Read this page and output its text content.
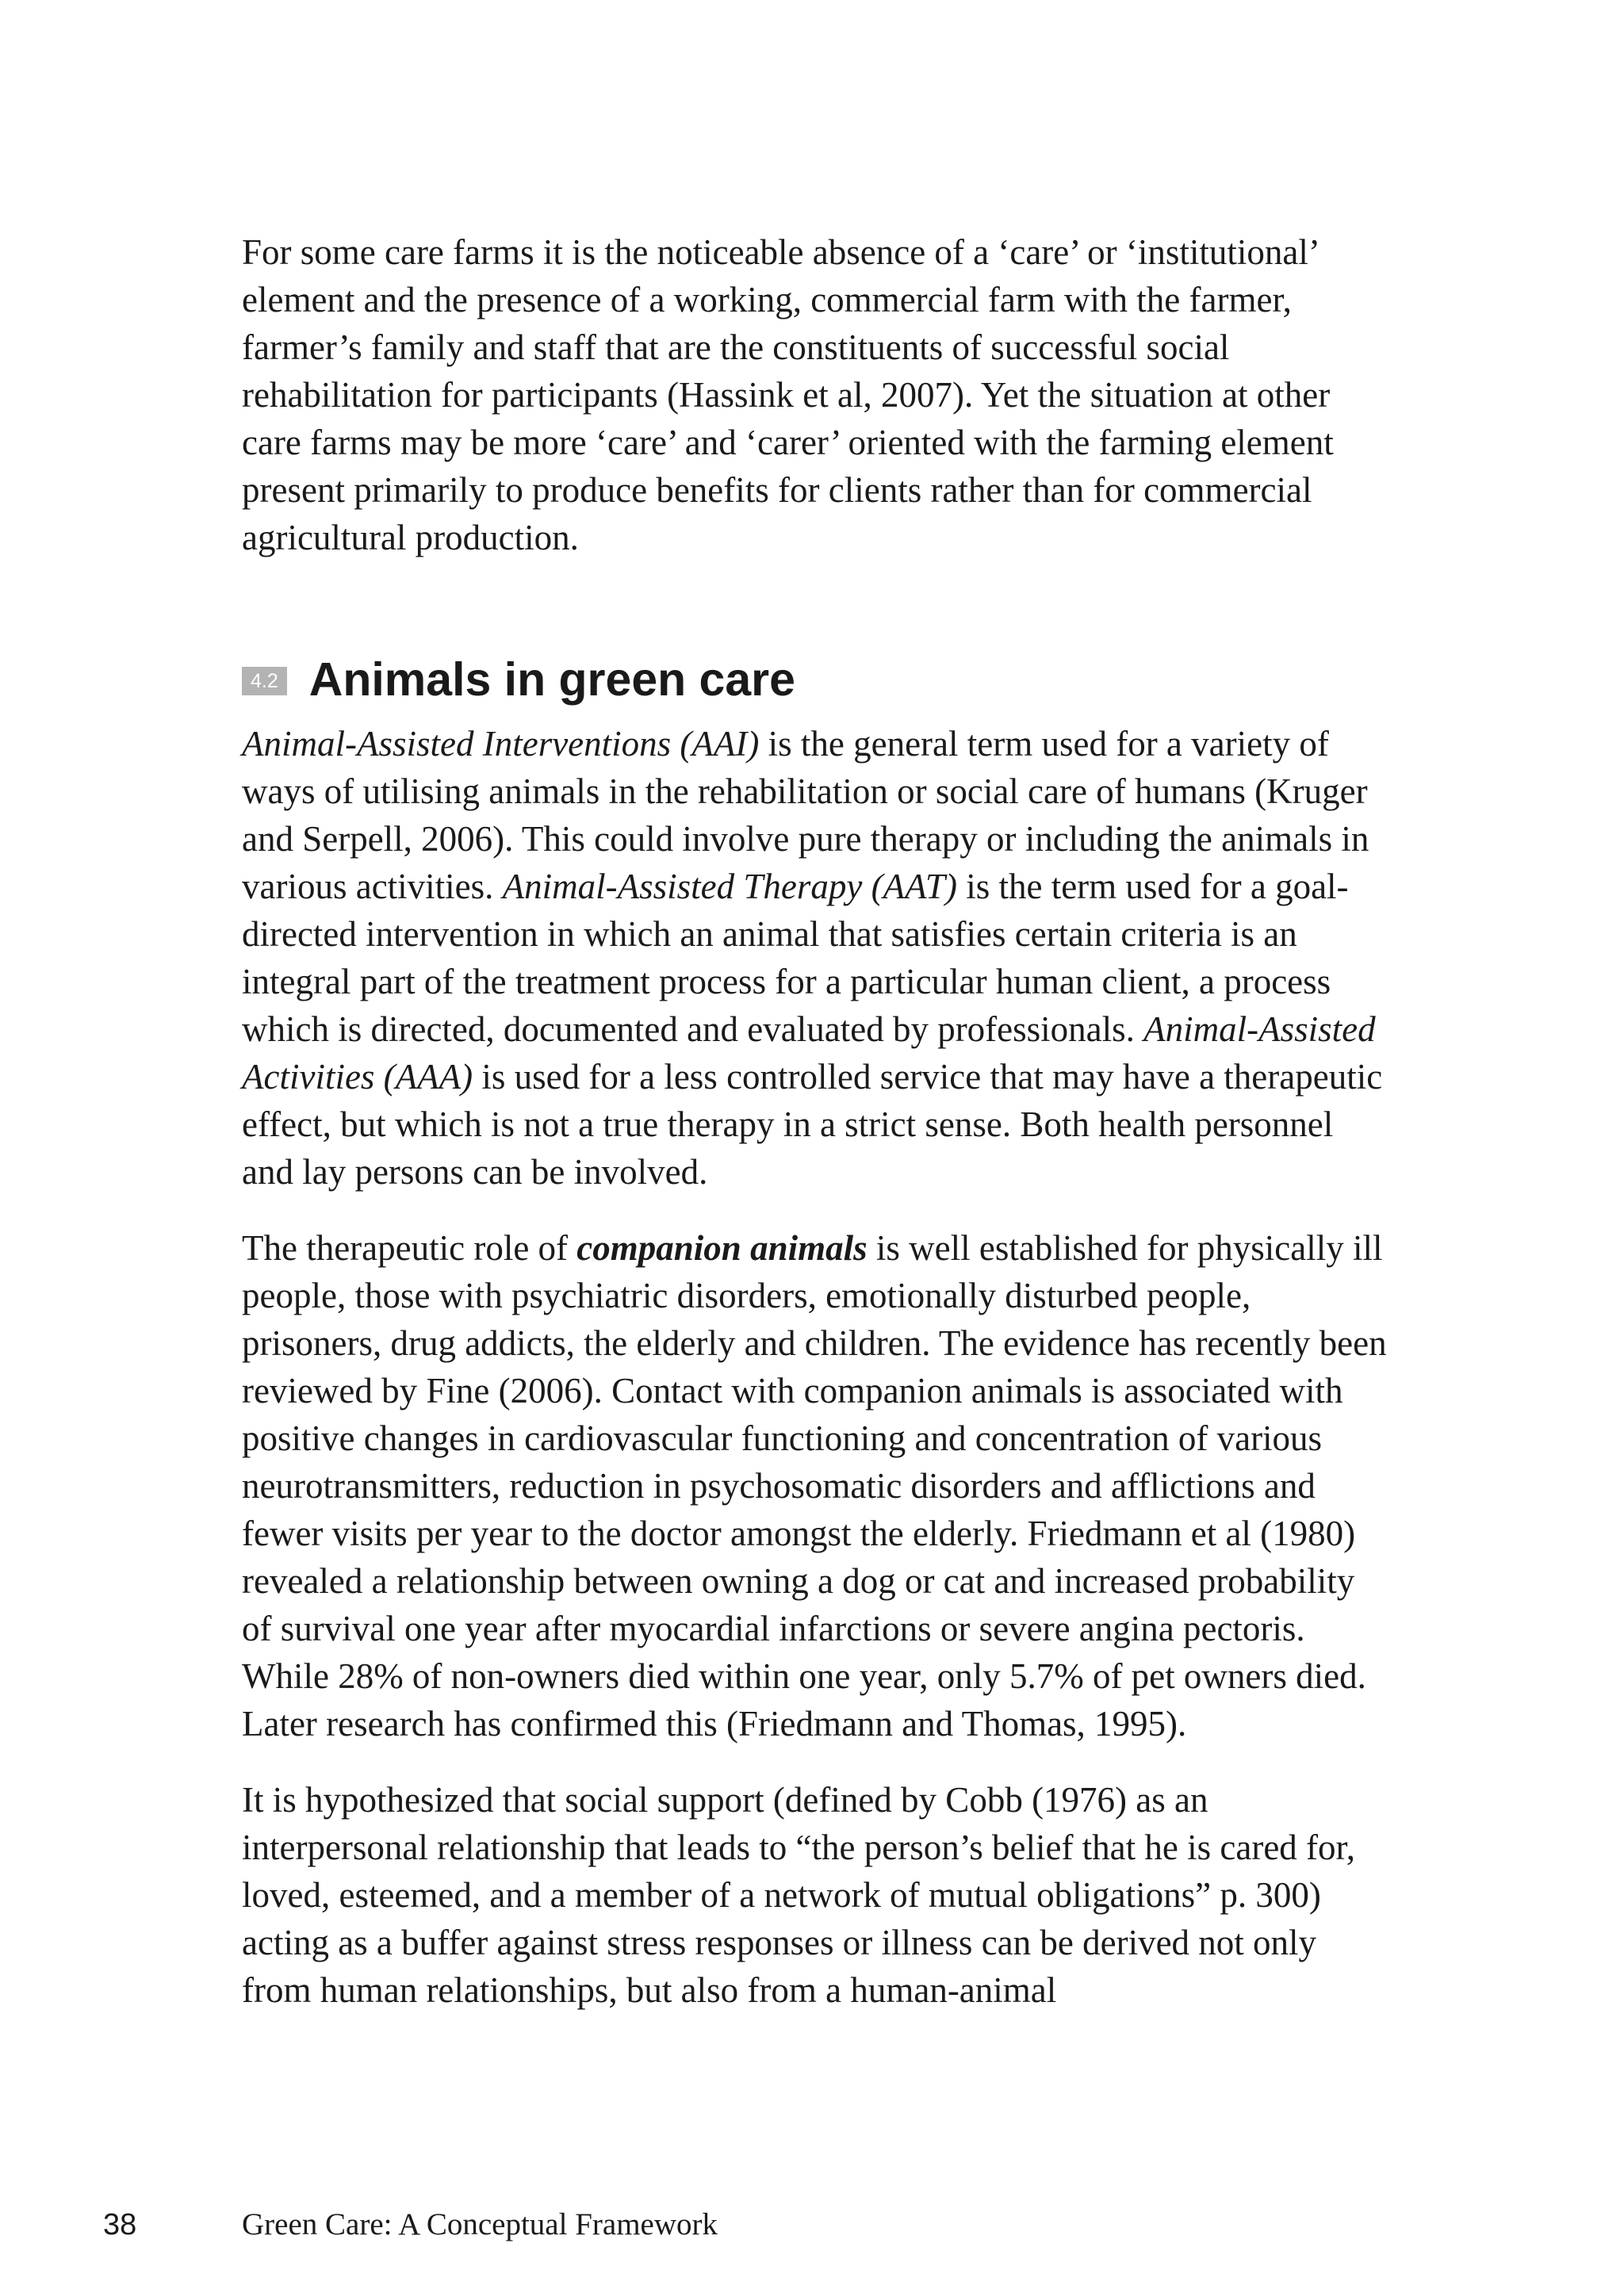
For some care farms it is the noticeable absence of a ‘care’ or ‘institutional’ element and the presence of a working, commercial farm with the farmer, farmer’s family and staff that are the constituents of successful social rehabilitation for participants (Hassink et al, 2007). Yet the situation at other care farms may be more ‘care’ and ‘carer’ oriented with the farming element present primarily to produce benefits for clients rather than for commercial agricultural production.

4.2 Animals in green care

Animal-Assisted Interventions (AAI) is the general term used for a variety of ways of utilising animals in the rehabilitation or social care of humans (Kruger and Serpell, 2006). This could involve pure therapy or including the animals in various activities. Animal-Assisted Therapy (AAT) is the term used for a goal-directed intervention in which an animal that satisfies certain criteria is an integral part of the treatment process for a particular human client, a process which is directed, documented and evaluated by professionals. Animal-Assisted Activities (AAA) is used for a less controlled service that may have a therapeutic effect, but which is not a true therapy in a strict sense. Both health personnel and lay persons can be involved.

The therapeutic role of companion animals is well established for physically ill people, those with psychiatric disorders, emotionally disturbed people, prisoners, drug addicts, the elderly and children. The evidence has recently been reviewed by Fine (2006). Contact with companion animals is associated with positive changes in cardiovascular functioning and concentration of various neurotransmitters, reduction in psychosomatic disorders and afflictions and fewer visits per year to the doctor amongst the elderly. Friedmann et al (1980) revealed a relationship between owning a dog or cat and increased probability of survival one year after myocardial infarctions or severe angina pectoris. While 28% of non-owners died within one year, only 5.7% of pet owners died. Later research has confirmed this (Friedmann and Thomas, 1995).

It is hypothesized that social support (defined by Cobb (1976) as an interpersonal relationship that leads to “the person’s belief that he is cared for, loved, esteemed, and a member of a network of mutual obligations” p. 300) acting as a buffer against stress responses or illness can be derived not only from human relationships, but also from a human-animal

38	Green Care: A Conceptual Framework
